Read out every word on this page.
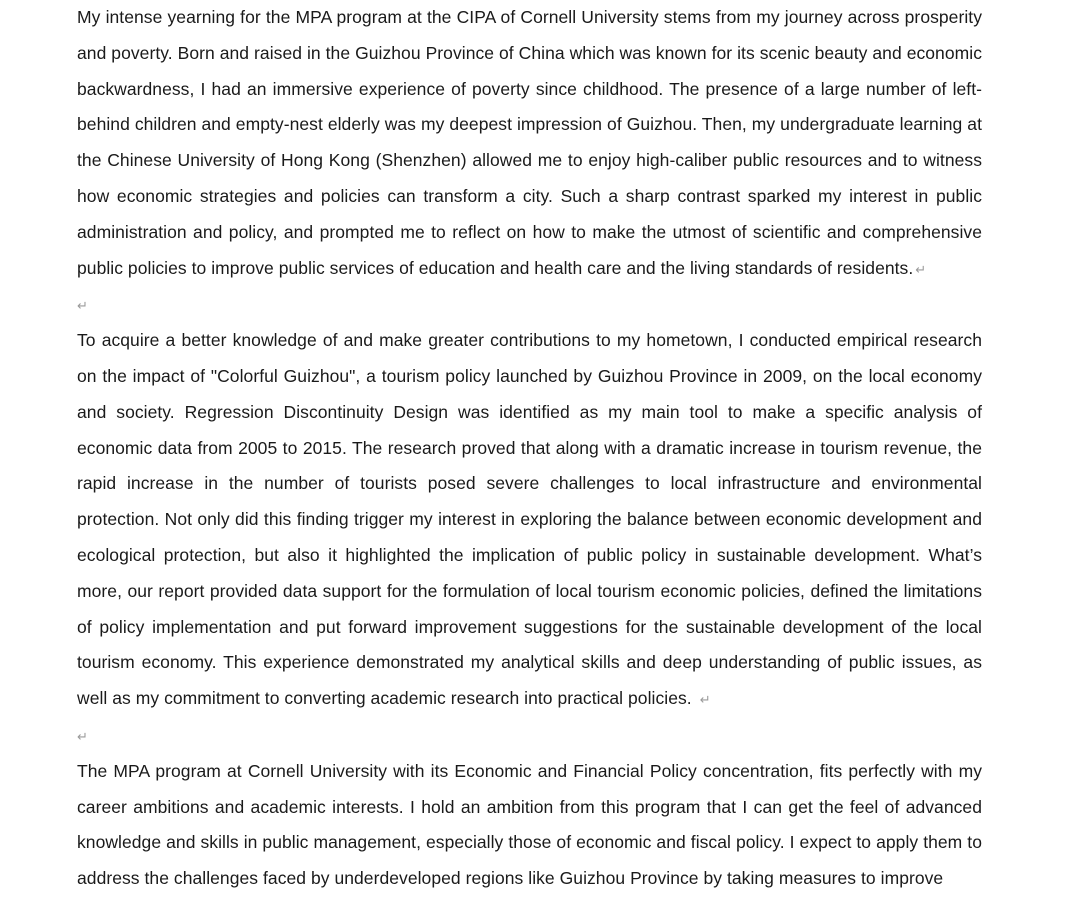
My intense yearning for the MPA program at the CIPA of Cornell University stems from my journey across prosperity and poverty. Born and raised in the Guizhou Province of China which was known for its scenic beauty and economic backwardness, I had an immersive experience of poverty since childhood. The presence of a large number of left-behind children and empty-nest elderly was my deepest impression of Guizhou. Then, my undergraduate learning at the Chinese University of Hong Kong (Shenzhen) allowed me to enjoy high-caliber public resources and to witness how economic strategies and policies can transform a city. Such a sharp contrast sparked my interest in public administration and policy, and prompted me to reflect on how to make the utmost of scientific and comprehensive public policies to improve public services of education and health care and the living standards of residents. ↵

↵

To acquire a better knowledge of and make greater contributions to my hometown, I conducted empirical research on the impact of "Colorful Guizhou", a tourism policy launched by Guizhou Province in 2009, on the local economy and society. Regression Discontinuity Design was identified as my main tool to make a specific analysis of economic data from 2005 to 2015. The research proved that along with a dramatic increase in tourism revenue, the rapid increase in the number of tourists posed severe challenges to local infrastructure and environmental protection. Not only did this finding trigger my interest in exploring the balance between economic development and ecological protection, but also it highlighted the implication of public policy in sustainable development. What’s more, our report provided data support for the formulation of local tourism economic policies, defined the limitations of policy implementation and put forward improvement suggestions for the sustainable development of the local tourism economy. This experience demonstrated my analytical skills and deep understanding of public issues, as well as my commitment to converting academic research into practical policies. ↵

↵

The MPA program at Cornell University with its Economic and Financial Policy concentration, fits perfectly with my career ambitions and academic interests. I hold an ambition from this program that I can get the feel of advanced knowledge and skills in public management, especially those of economic and fiscal policy. I expect to apply them to address the challenges faced by underdeveloped regions like Guizhou Province by taking measures to improve
